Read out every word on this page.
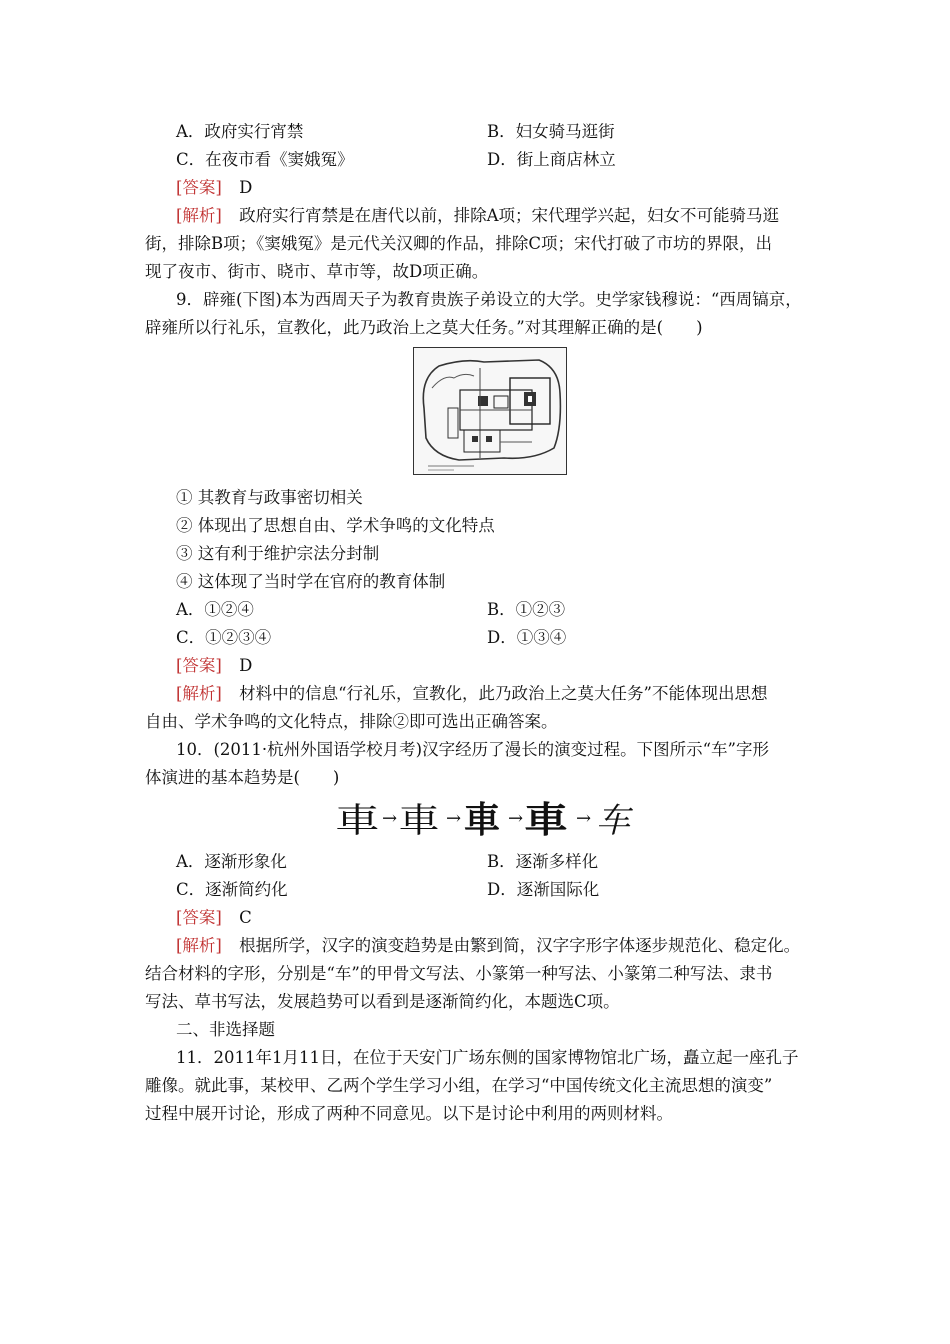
A．政府实行宵禁	B．妇女骑马逛街
C．在夜市看《窦娥冤》	D．街上商店林立
[答案] D
[解析] 政府实行宵禁是在唐代以前，排除A项；宋代理学兴起，妇女不可能骑马逛
街，排除B项；《窦娥冤》是元代关汉卿的作品，排除C项；宋代打破了市坊的界限，出
现了夜市、街市、晓市、草市等，故D项正确。
9．辟雍(下图)本为西周天子为教育贵族子弟设立的大学。史学家钱穆说：“西周镐京，
辟雍所以行礼乐，宣教化，此乃政治上之莫大任务。”对其理解正确的是(　　)
① 其教育与政事密切相关
② 体现出了思想自由、学术争鸣的文化特点
③ 这有利于维护宗法分封制
④ 这体现了当时学在官府的教育体制
A．①②④	B．①②③
C．①②③④	D．①③④
[答案] D
[解析] 材料中的信息“行礼乐，宣教化，此乃政治上之莫大任务”不能体现出思想
自由、学术争鸣的文化特点，排除②即可选出正确答案。
10．(2011·杭州外国语学校月考)汉字经历了漫长的演变过程。下图所示“车”字形
体演进的基本趋势是(　　)
車 → 車 → 車 → 車 → 车
A．逐渐形象化	B．逐渐多样化
C．逐渐简约化	D．逐渐国际化
[答案] C
[解析] 根据所学，汉字的演变趋势是由繁到简，汉字字形字体逐步规范化、稳定化。
结合材料的字形，分别是“车”的甲骨文写法、小篆第一种写法、小篆第二种写法、隶书
写法、草书写法，发展趋势可以看到是逐渐简约化，本题选C项。
二、非选择题
11．2011年1月11日，在位于天安门广场东侧的国家博物馆北广场，矗立起一座孔子
雕像。就此事，某校甲、乙两个学生学习小组，在学习“中国传统文化主流思想的演变”
过程中展开讨论，形成了两种不同意见。以下是讨论中利用的两则材料。
